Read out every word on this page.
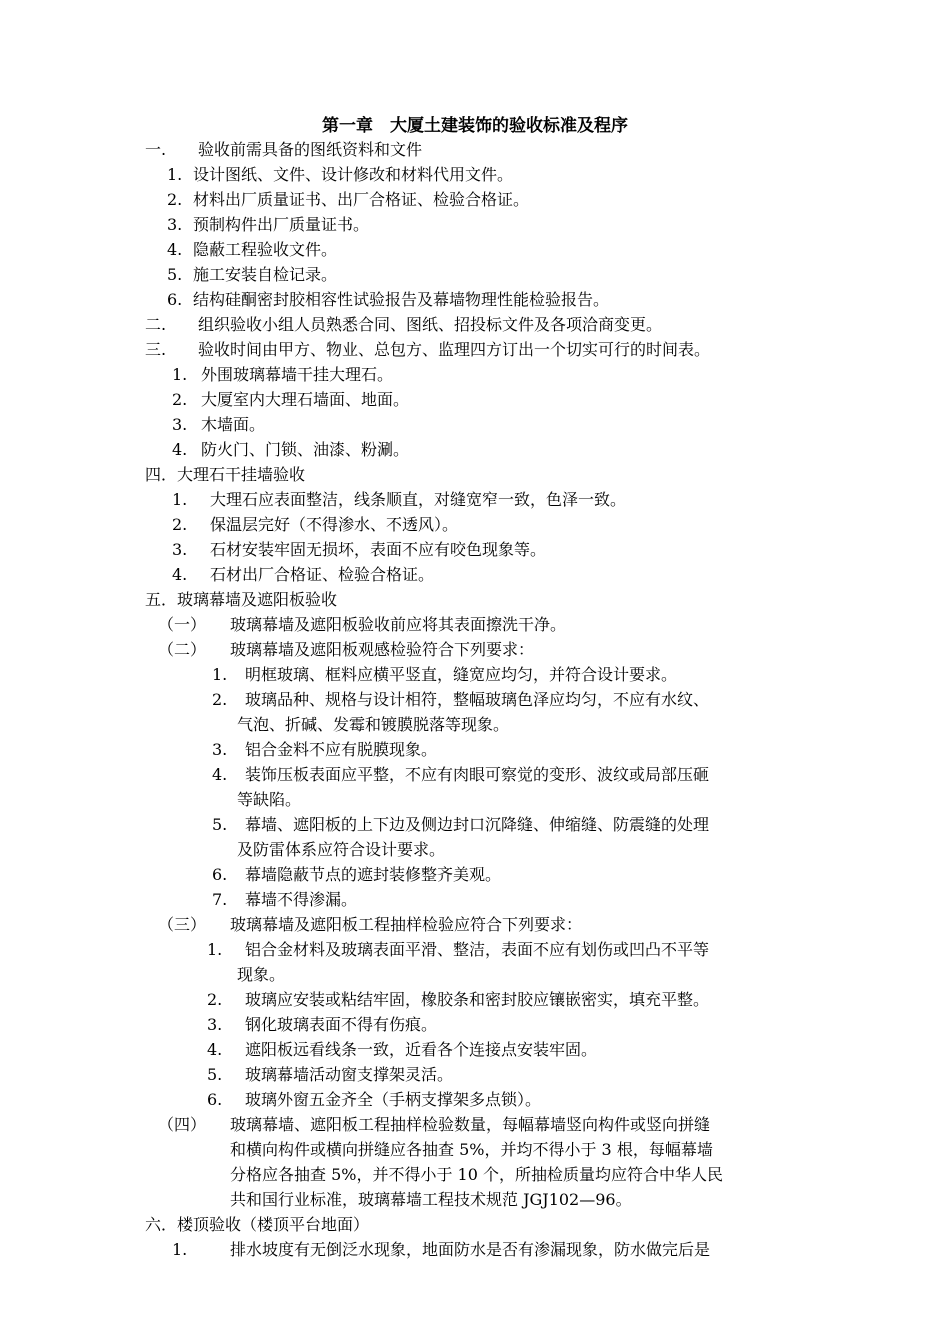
第一章　大厦土建装饰的验收标准及程序
一. 验收前需具备的图纸资料和文件
1. 设计图纸、文件、设计修改和材料代用文件。
2. 材料出厂质量证书、出厂合格证、检验合格证。
3. 预制构件出厂质量证书。
4. 隐蔽工程验收文件。
5. 施工安装自检记录。
6. 结构硅酮密封胶相容性试验报告及幕墙物理性能检验报告。
二. 组织验收小组人员熟悉合同、图纸、招投标文件及各项洽商变更。
三. 验收时间由甲方、物业、总包方、监理四方订出一个切实可行的时间表。
1. 外围玻璃幕墙干挂大理石。
2. 大厦室内大理石墙面、地面。
3. 木墙面。
4. 防火门、门锁、油漆、粉涮。
四．大理石干挂墙验收
1. 大理石应表面整洁，线条顺直，对缝宽窄一致，色泽一致。
2. 保温层完好（不得渗水、不透风）。
3. 石材安装牢固无损坏，表面不应有咬色现象等。
4. 石材出厂合格证、检验合格证。
五．玻璃幕墙及遮阳板验收
（一） 玻璃幕墙及遮阳板验收前应将其表面擦洗干净。
（二） 玻璃幕墙及遮阳板观感检验符合下列要求：
1. 明框玻璃、框料应横平竖直，缝宽应均匀，并符合设计要求。
2. 玻璃品种、规格与设计相符，整幅玻璃色泽应均匀，不应有水纹、
气泡、折碱、发霉和镀膜脱落等现象。
3. 铝合金料不应有脱膜现象。
4. 装饰压板表面应平整，不应有肉眼可察觉的变形、波纹或局部压砸
等缺陷。
5. 幕墙、遮阳板的上下边及侧边封口沉降缝、伸缩缝、防震缝的处理
及防雷体系应符合设计要求。
6. 幕墙隐蔽节点的遮封装修整齐美观。
7. 幕墙不得渗漏。
（三） 玻璃幕墙及遮阳板工程抽样检验应符合下列要求：
1. 铝合金材料及玻璃表面平滑、整洁，表面不应有划伤或凹凸不平等
现象。
2. 玻璃应安装或粘结牢固，橡胶条和密封胶应镶嵌密实，填充平整。
3. 钢化玻璃表面不得有伤痕。
4. 遮阳板远看线条一致，近看各个连接点安装牢固。
5. 玻璃幕墙活动窗支撑架灵活。
6. 玻璃外窗五金齐全（手柄支撑架多点锁）。
（四） 玻璃幕墙、遮阳板工程抽样检验数量，每幅幕墙竖向构件或竖向拼缝
和横向构件或横向拼缝应各抽查 5%，并均不得小于 3 根，每幅幕墙
分格应各抽查 5%，并不得小于 10 个，所抽检质量均应符合中华人民
共和国行业标准，玻璃幕墙工程技术规范 JGJ102—96。
六．楼顶验收（楼顶平台地面）
1.	排水坡度有无倒泛水现象，地面防水是否有渗漏现象，防水做完后是
